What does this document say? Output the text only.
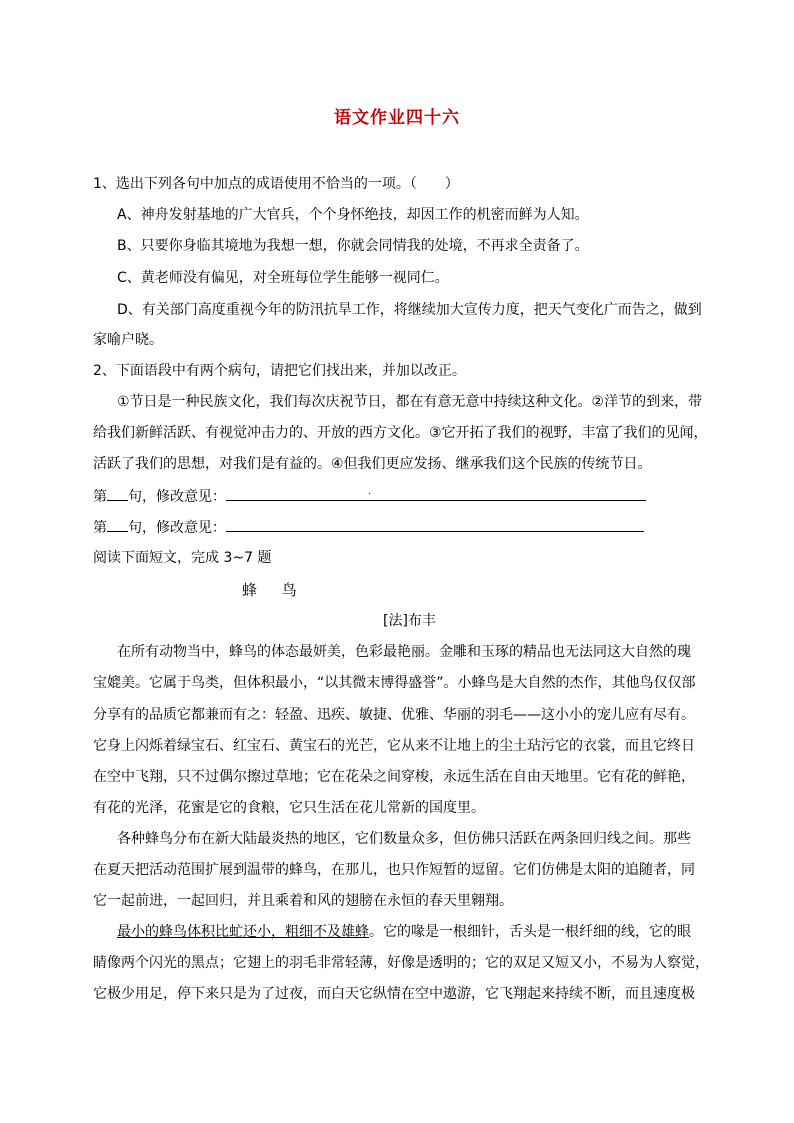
语文作业四十六
1、选出下列各句中加点的成语使用不恰当的一项。（　　）
A、神舟发射基地的广大官兵，个个身怀绝技，却因工作的机密而鲜为人知。
B、只要你身临其境地为我想一想，你就会同情我的处境，不再求全责备了。
C、黄老师没有偏见，对全班每位学生能够一视同仁。
D、有关部门高度重视今年的防汛抗旱工作，将继续加大宣传力度，把天气变化广而告之，做到
家喻户晓。
2、下面语段中有两个病句，请把它们找出来，并加以改正。
①节日是一种民族文化，我们每次庆祝节日，都在有意无意中持续这种文化。②洋节的到来，带
给我们新鲜活跃、有视觉冲击力的、开放的西方文化。③它开拓了我们的视野，丰富了我们的见闻，
活跃了我们的思想，对我们是有益的。④但我们更应发扬、继承我们这个民族的传统节日。
第 句，修改意见：	.
第 句，修改意见：
阅读下面短文，完成 3~7 题
蜂 鸟
[法]布丰
在所有动物当中，蜂鸟的体态最妍美，色彩最艳丽。金雕和玉琢的精品也无法同这大自然的瑰
宝媲美。它属于鸟类，但体积最小，“以其微末博得盛誉”。小蜂鸟是大自然的杰作，其他鸟仅仅部
分享有的品质它都兼而有之：轻盈、迅疾、敏捷、优雅、华丽的羽毛——这小小的宠儿应有尽有。
它身上闪烁着绿宝石、红宝石、黄宝石的光芒，它从来不让地上的尘土玷污它的衣裳，而且它终日
在空中飞翔，只不过偶尔擦过草地；它在花朵之间穿梭，永远生活在自由天地里。它有花的鲜艳，
有花的光泽，花蜜是它的食粮，它只生活在花儿常新的国度里。
各种蜂鸟分布在新大陆最炎热的地区，它们数量众多，但仿佛只活跃在两条回归线之间。那些
在夏天把活动范围扩展到温带的蜂鸟，在那儿，也只作短暂的逗留。它们仿佛是太阳的追随者，同
它一起前进，一起回归，并且乘着和风的翅膀在永恒的春天里翱翔。
最小的蜂鸟体积比虻还小，粗细不及雄蜂。它的喙是一根细针，舌头是一根纤细的线，它的眼
睛像两个闪光的黑点；它翅上的羽毛非常轻薄，好像是透明的；它的双足又短又小，不易为人察觉，
它极少用足，停下来只是为了过夜，而白天它纵情在空中遨游，它飞翔起来持续不断，而且速度极
